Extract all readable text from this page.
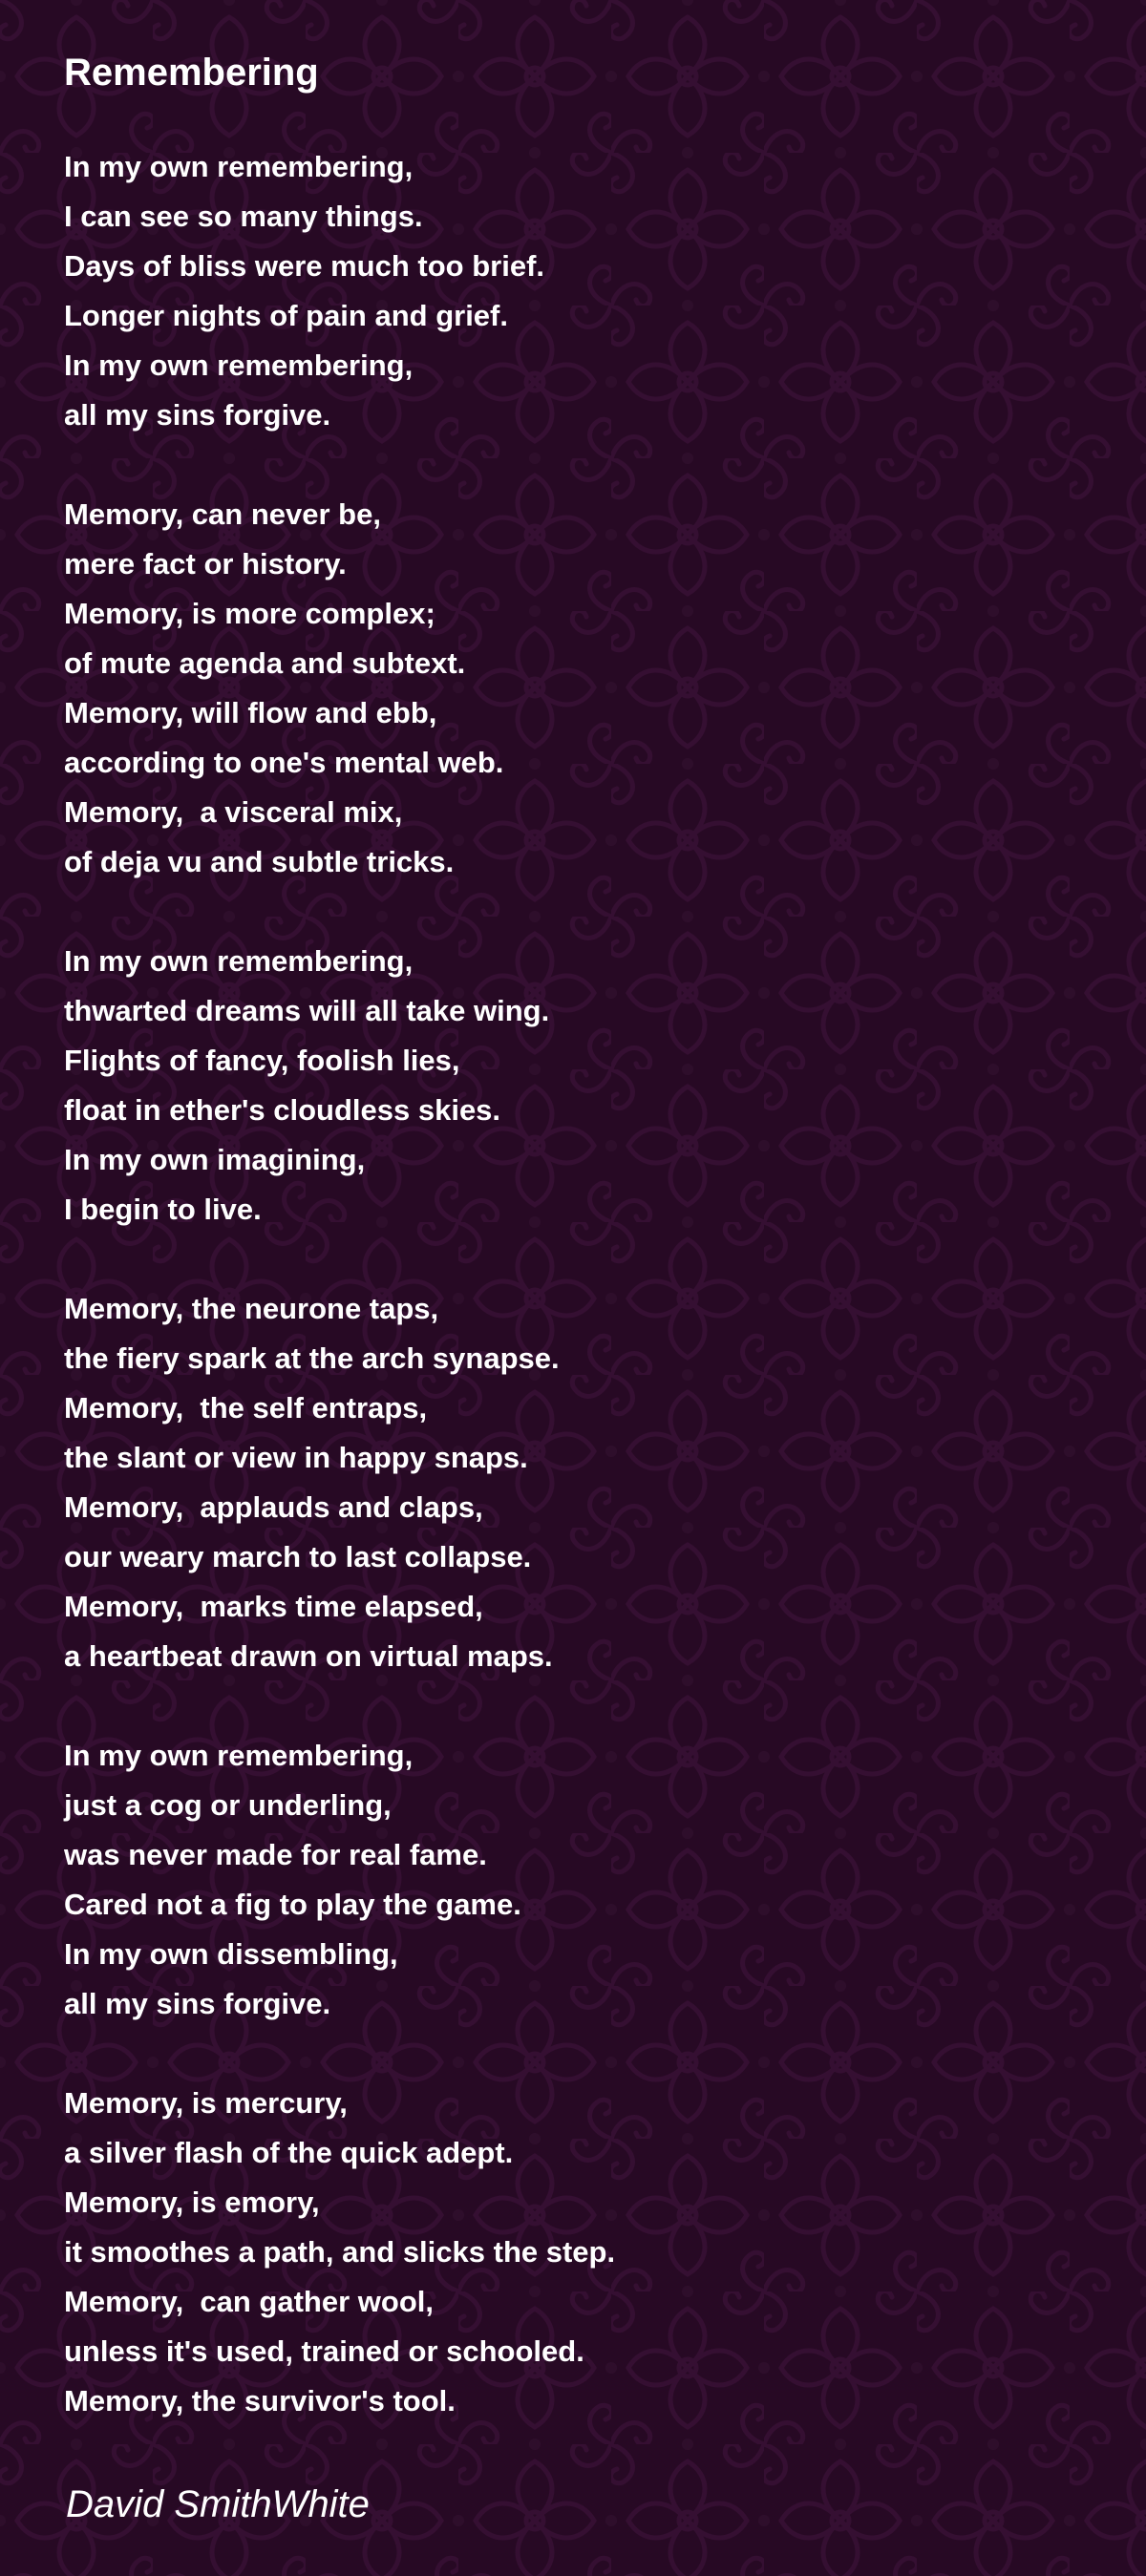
Remembering
In my own remembering,
I can see so many things.
Days of bliss were much too brief.
Longer nights of pain and grief.
In my own remembering,
all my sins forgive.
Memory, can never be,
mere fact or history.
Memory, is more complex;
of mute agenda and subtext.
Memory, will flow and ebb,
according to one's mental web.
Memory,  a visceral mix,
of deja vu and subtle tricks.
In my own remembering,
thwarted dreams will all take wing.
Flights of fancy, foolish lies,
float in ether's cloudless skies.
In my own imagining,
I begin to live.
Memory, the neurone taps,
the fiery spark at the arch synapse.
Memory,  the self entraps,
the slant or view in happy snaps.
Memory,  applauds and claps,
our weary march to last collapse.
Memory,  marks time elapsed,
a heartbeat drawn on virtual maps.
In my own remembering,
just a cog or underling,
was never made for real fame.
Cared not a fig to play the game.
In my own dissembling,
all my sins forgive.
Memory, is mercury,
a silver flash of the quick adept.
Memory, is emory,
it smoothes a path, and slicks the step.
Memory,  can gather wool,
unless it's used, trained or schooled.
Memory, the survivor's tool.

David SmithWhite
